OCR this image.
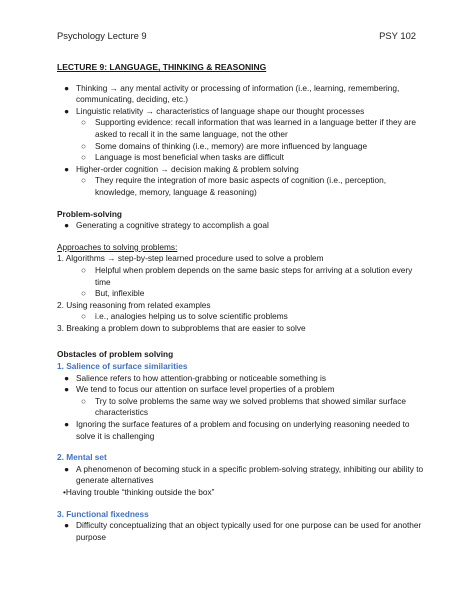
Psychology Lecture 9	PSY 102
LECTURE 9: LANGUAGE, THINKING & REASONING
● Thinking → any mental activity or processing of information (i.e., learning, remembering, communicating, deciding, etc.)
● Linguistic relativity → characteristics of language shape our thought processes
○ Supporting evidence: recall information that was learned in a language better if they are asked to recall it in the same language, not the other
○ Some domains of thinking (i.e., memory) are more influenced by language
○ Language is most beneficial when tasks are difficult
● Higher-order cognition → decision making & problem solving
○ They require the integration of more basic aspects of cognition (i.e., perception, knowledge, memory, language & reasoning)
Problem-solving
● Generating a cognitive strategy to accomplish a goal
Approaches to solving problems:
1. Algorithms → step-by-step learned procedure used to solve a problem
○ Helpful when problem depends on the same basic steps for arriving at a solution every time
○ But, inflexible
2. Using reasoning from related examples
○ i.e., analogies helping us to solve scientific problems
3. Breaking a problem down to subproblems that are easier to solve
Obstacles of problem solving
1. Salience of surface similarities
● Salience refers to how attention-grabbing or noticeable something is
● We tend to focus our attention on surface level properties of a problem
○ Try to solve problems the same way we solved problems that showed similar surface characteristics
● Ignoring the surface features of a problem and focusing on underlying reasoning needed to solve it is challenging
2. Mental set
● A phenomenon of becoming stuck in a specific problem-solving strategy, inhibiting our ability to generate alternatives
•Having trouble “thinking outside the box”
3. Functional fixedness
● Difficulty conceptualizing that an object typically used for one purpose can be used for another purpose
